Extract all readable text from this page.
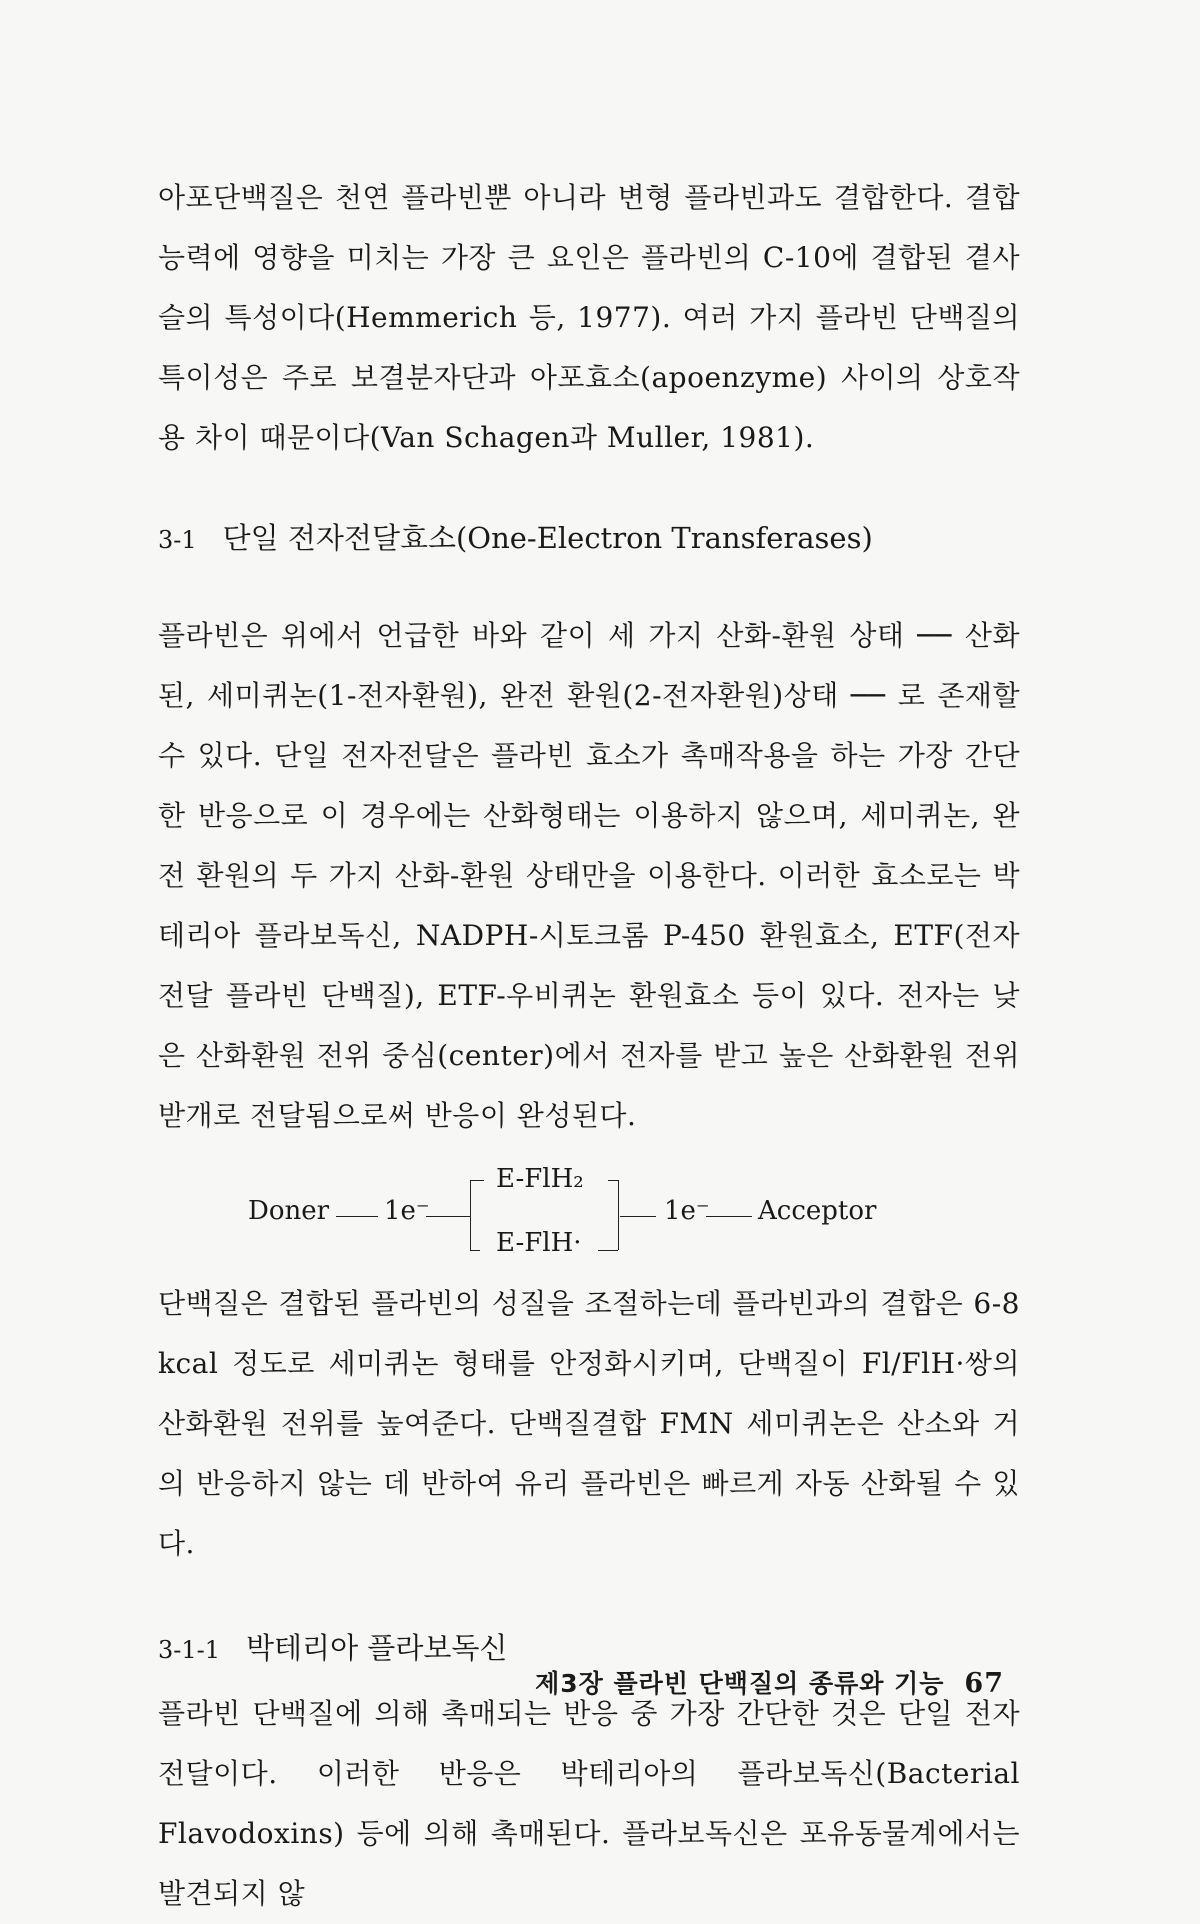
아포단백질은 천연 플라빈뿐 아니라 변형 플라빈과도 결합한다. 결합 능력에 영향을 미치는 가장 큰 요인은 플라빈의 C-10에 결합된 곁사슬의 특성이다(Hemmerich 등, 1977). 여러 가지 플라빈 단백질의 특이성은 주로 보결분자단과 아포효소(apoenzyme) 사이의 상호작용 차이 때문이다(Van Schagen과 Muller, 1981).

3-1 단일 전자전달효소(One-Electron Transferases)

플라빈은 위에서 언급한 바와 같이 세 가지 산화-환원 상태 ── 산화된, 세미퀴논(1-전자환원), 완전 환원(2-전자환원)상태 ── 로 존재할 수 있다. 단일 전자전달은 플라빈 효소가 촉매작용을 하는 가장 간단한 반응으로 이 경우에는 산화형태는 이용하지 않으며, 세미퀴논, 완전 환원의 두 가지 산화-환원 상태만을 이용한다. 이러한 효소로는 박테리아 플라보독신, NADPH-시토크롬 P-450 환원효소, ETF(전자전달 플라빈 단백질), ETF-우비퀴논 환원효소 등이 있다. 전자는 낮은 산화환원 전위 중심(center)에서 전자를 받고 높은 산화환원 전위 받개로 전달됨으로써 반응이 완성된다.

Doner 1e⁻
E-FlH₂
E-FlH·
1e⁻ Acceptor

단백질은 결합된 플라빈의 성질을 조절하는데 플라빈과의 결합은 6-8 kcal 정도로 세미퀴논 형태를 안정화시키며, 단백질이 Fl/FlH·쌍의 산화환원 전위를 높여준다. 단백질결합 FMN 세미퀴논은 산소와 거의 반응하지 않는 데 반하여 유리 플라빈은 빠르게 자동 산화될 수 있다.

3-1-1 박테리아 플라보독신

플라빈 단백질에 의해 촉매되는 반응 중 가장 간단한 것은 단일 전자전달이다. 이러한 반응은 박테리아의 플라보독신(Bacterial Flavodoxins) 등에 의해 촉매된다. 플라보독신은 포유동물계에서는 발견되지 않

제3장 플라빈 단백질의 종류와 기능 67
